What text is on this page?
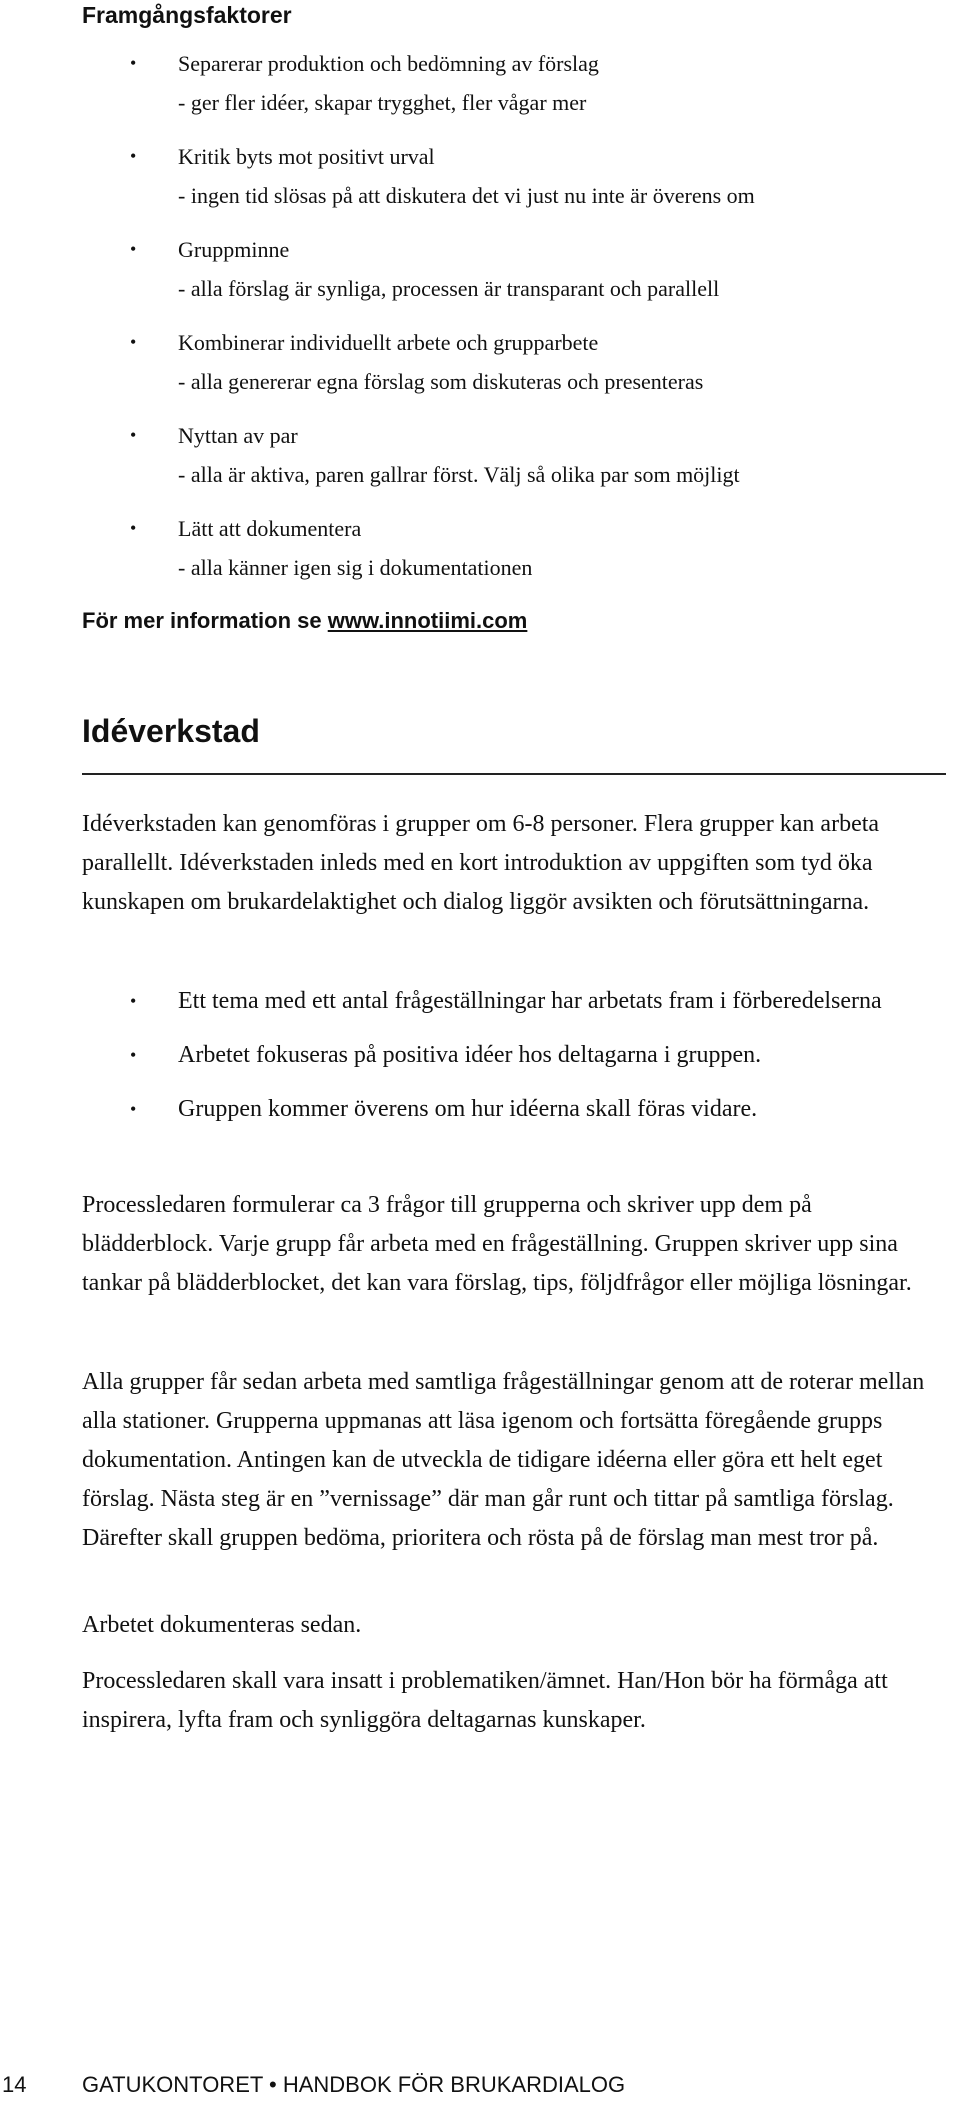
Framgångsfaktorer
• Separerar produktion och bedömning av förslag
- ger fler idéer, skapar trygghet, fler vågar mer
• Kritik byts mot positivt urval
- ingen tid slösas på att diskutera det vi just nu inte är överens om
• Gruppminne
- alla förslag är synliga, processen är transparant och parallell
• Kombinerar individuellt arbete och grupparbete
- alla genererar egna förslag som diskuteras och presenteras
• Nyttan av par
- alla är aktiva, paren gallrar först. Välj så olika par som möjligt
• Lätt att dokumentera
- alla känner igen sig i dokumentationen
För mer information se www.innotiimi.com
Idéverkstad

Idéverkstaden kan genomföras i grupper om 6-8 personer. Flera grupper kan arbeta parallellt. Idéverkstaden inleds med en kort introduktion av uppgiften som tyd öka kunskapen om brukardelaktighet och dialog liggör avsikten och förutsättningarna.

• Ett tema med ett antal frågeställningar har arbetats fram i förberedelserna
• Arbetet fokuseras på positiva idéer hos deltagarna i gruppen.
• Gruppen kommer överens om hur idéerna skall föras vidare.

Processledaren formulerar ca 3 frågor till grupperna och skriver upp dem på blädderblock. Varje grupp får arbeta med en frågeställning. Gruppen skriver upp sina tankar på blädderblocket, det kan vara förslag, tips, följdfrågor eller möjliga lösningar.

Alla grupper får sedan arbeta med samtliga frågeställningar genom att de roterar mellan alla stationer. Grupperna uppmanas att läsa igenom och fortsätta föregående grupps dokumentation. Antingen kan de utveckla de tidigare idéerna eller göra ett helt eget förslag. Nästa steg är en ”vernissage” där man går runt och tittar på samtliga förslag. Därefter skall gruppen bedöma, prioritera och rösta på de förslag man mest tror på.

Arbetet dokumenteras sedan.

Processledaren skall vara insatt i problematiken/ämnet. Han/Hon bör ha förmåga att inspirera, lyfta fram och synliggöra deltagarnas kunskaper.

14	GATUKONTORET • HANDBOK FÖR BRUKARDIALOG
